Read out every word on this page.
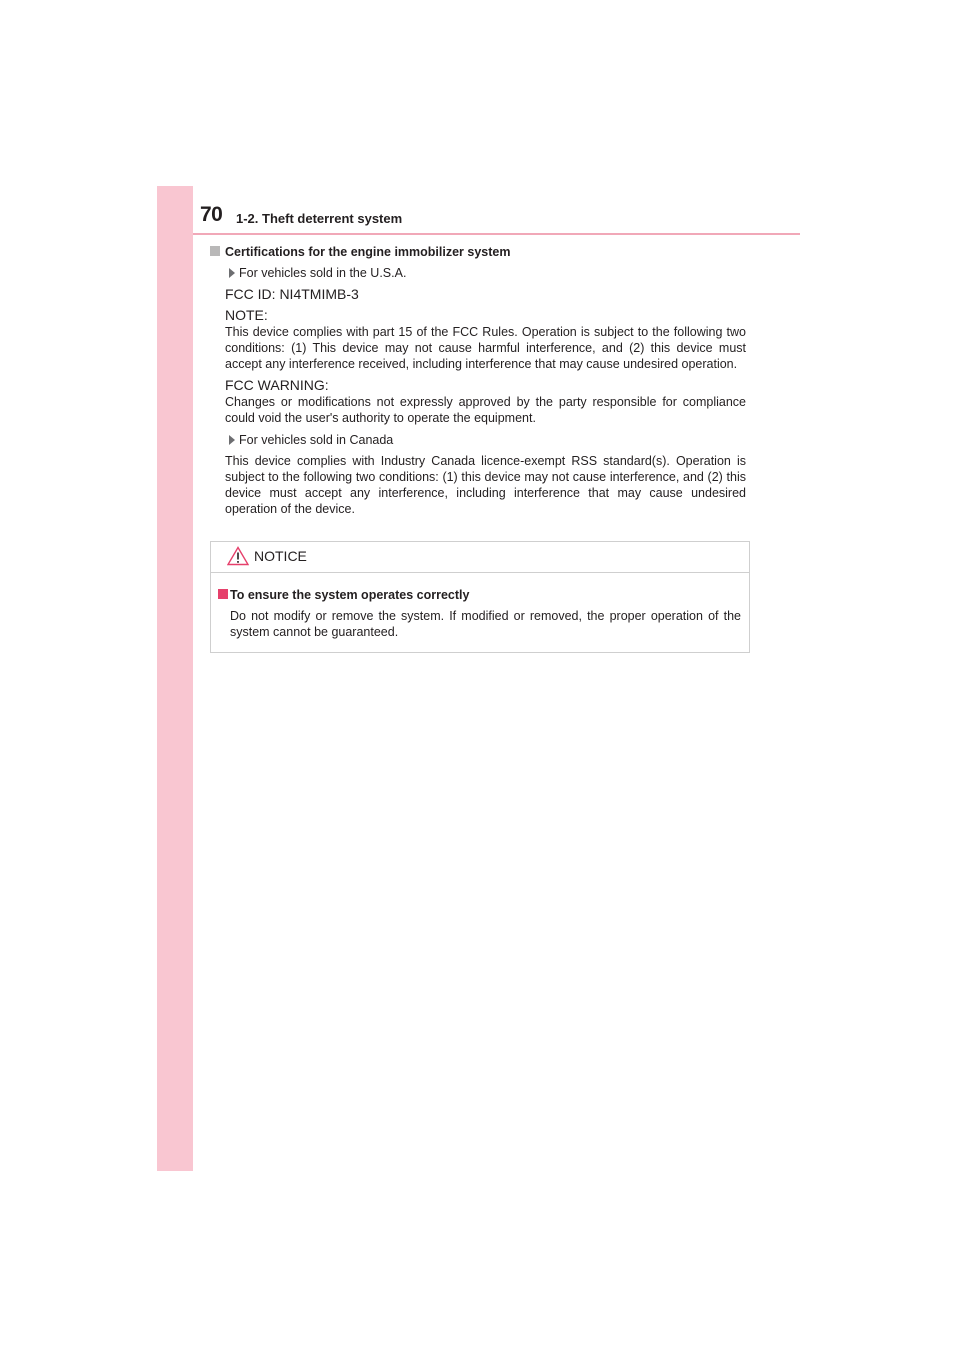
70 1-2. Theft deterrent system
Certifications for the engine immobilizer system
For vehicles sold in the U.S.A.
FCC ID: NI4TMIMB-3
NOTE:
This device complies with part 15 of the FCC Rules. Operation is subject to the following two conditions: (1) This device may not cause harmful interference, and (2) this device must accept any interference received, including interference that may cause undesired operation.
FCC WARNING:
Changes or modifications not expressly approved by the party responsible for compliance could void the user's authority to operate the equipment.
For vehicles sold in Canada
This device complies with Industry Canada licence-exempt RSS standard(s). Operation is subject to the following two conditions: (1) this device may not cause interference, and (2) this device must accept any interference, including interference that may cause undesired operation of the device.
NOTICE
To ensure the system operates correctly
Do not modify or remove the system. If modified or removed, the proper operation of the system cannot be guaranteed.
